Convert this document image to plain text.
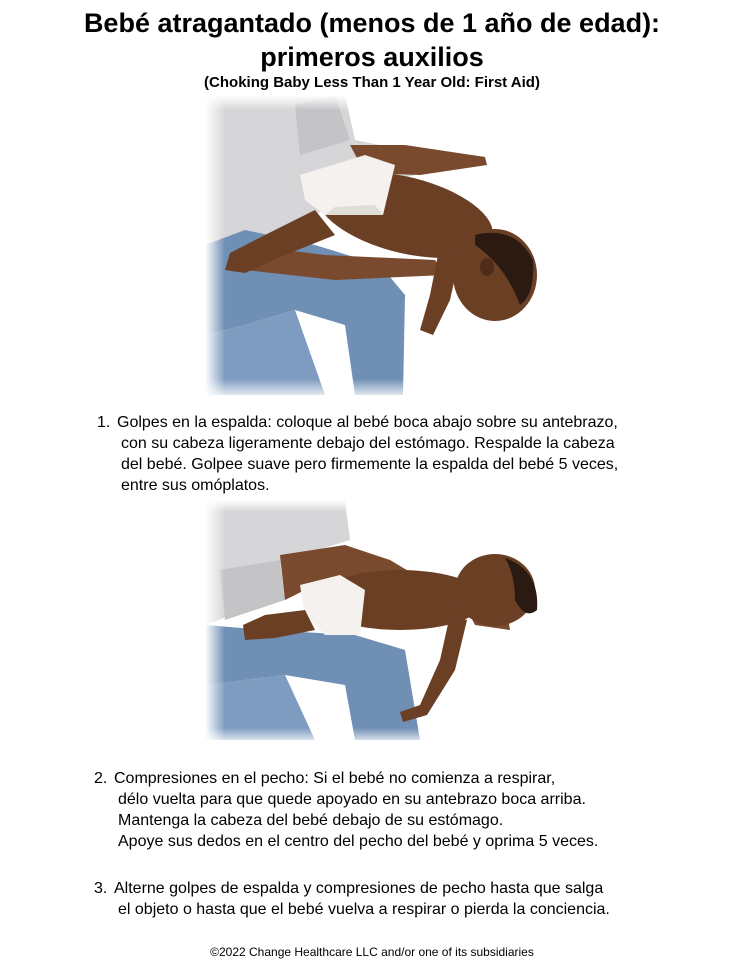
Bebé atragantado (menos de 1 año de edad):
primeros auxilios
(Choking Baby Less Than 1 Year Old: First Aid)
1. Golpes en la espalda: coloque al bebé boca abajo sobre su antebrazo,
con su cabeza ligeramente debajo del estómago. Respalde la cabeza
del bebé. Golpee suave pero firmemente la espalda del bebé 5 veces,
entre sus omóplatos.
2. Compresiones en el pecho: Si el bebé no comienza a respirar,
délo vuelta para que quede apoyado en su antebrazo boca arriba.
Mantenga la cabeza del bebé debajo de su estómago.
Apoye sus dedos en el centro del pecho del bebé y oprima 5 veces.
3. Alterne golpes de espalda y compresiones de pecho hasta que salga
el objeto o hasta que el bebé vuelva a respirar o pierda la conciencia.
©2022 Change Healthcare LLC and/or one of its subsidiaries
